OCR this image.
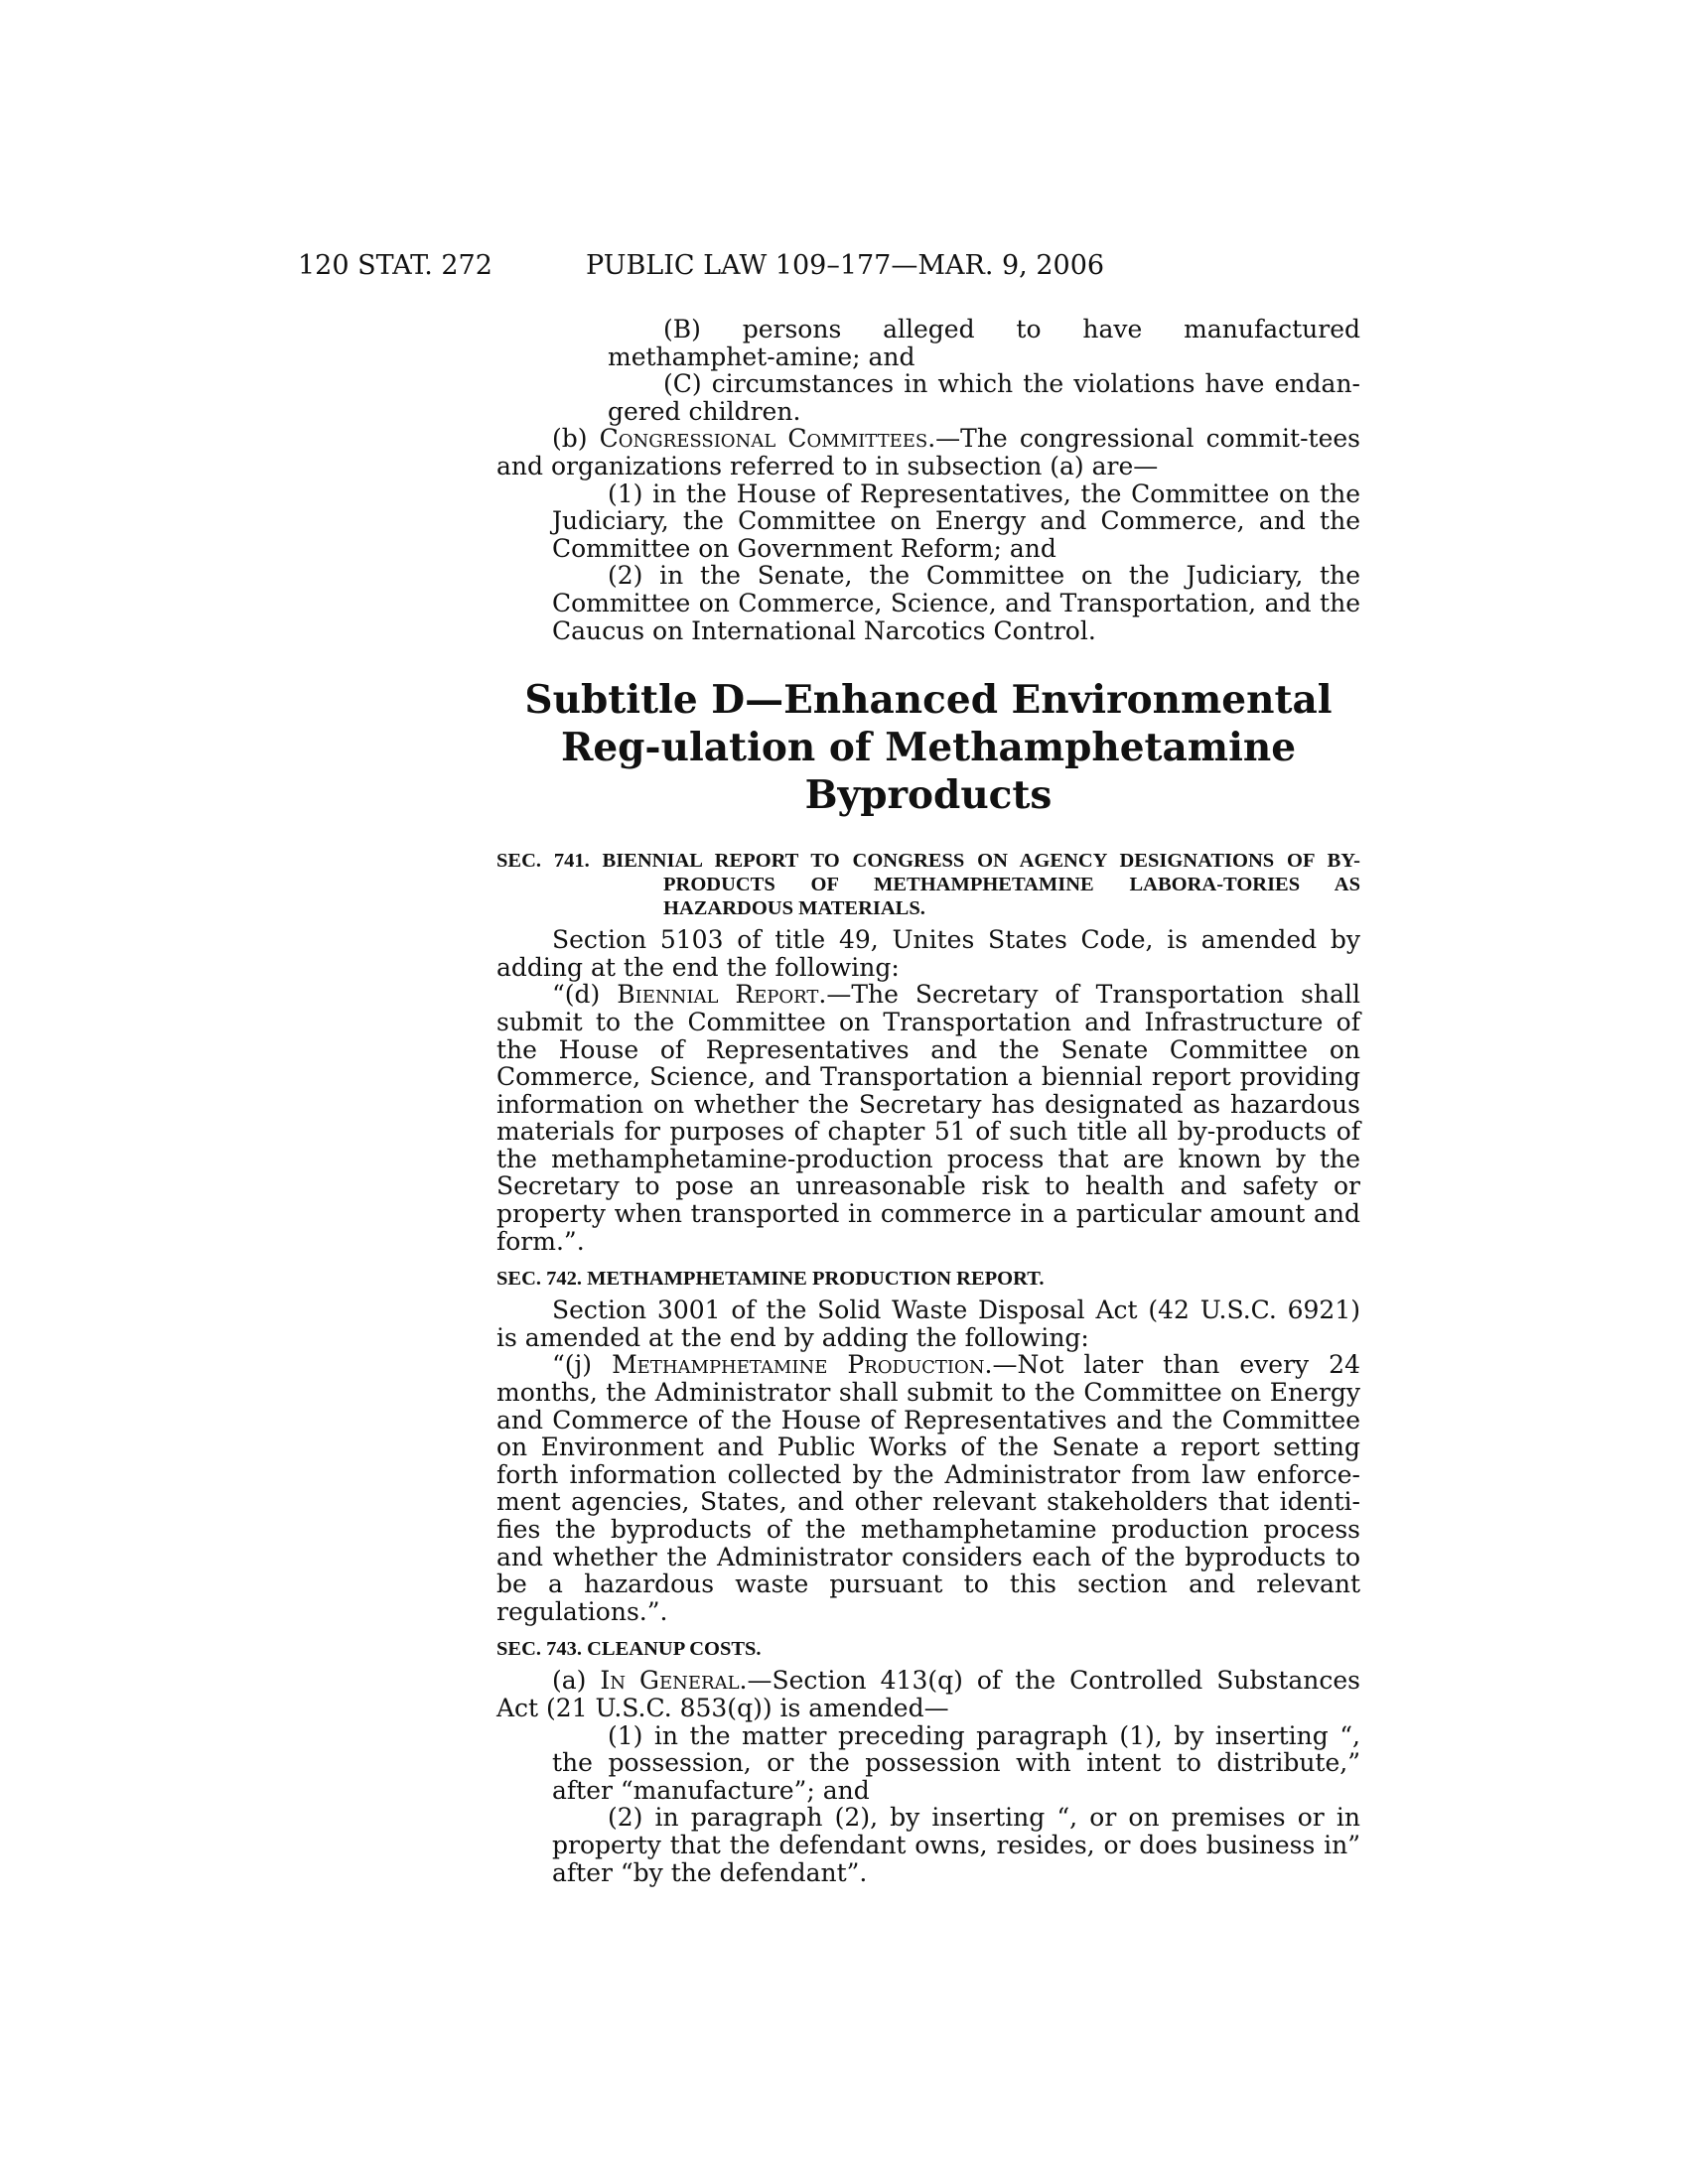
120 STAT. 272	PUBLIC LAW 109–177—MAR. 9, 2006

(B) persons alleged to have manufactured methamphet-amine; and

(C) circumstances in which the violations have endan-gered children.

(b) Congressional Committees.—The congressional commit-tees and organizations referred to in subsection (a) are—

(1) in the House of Representatives, the Committee on the Judiciary, the Committee on Energy and Commerce, and the Committee on Government Reform; and

(2) in the Senate, the Committee on the Judiciary, the Committee on Commerce, Science, and Transportation, and the Caucus on International Narcotics Control.

Subtitle D—Enhanced Environmental Reg-ulation of Methamphetamine Byproducts
SEC. 741. BIENNIAL REPORT TO CONGRESS ON AGENCY DESIGNATIONS OF BY-PRODUCTS OF METHAMPHETAMINE LABORA-TORIES AS HAZARDOUS MATERIALS.

Section 5103 of title 49, Unites States Code, is amended by adding at the end the following:

“(d) Biennial Report.—The Secretary of Transportation shall submit to the Committee on Transportation and Infrastructure of the House of Representatives and the Senate Committee on Commerce, Science, and Transportation a biennial report providing information on whether the Secretary has designated as hazardous materials for purposes of chapter 51 of such title all by-products of the methamphetamine-production process that are known by the Secretary to pose an unreasonable risk to health and safety or property when transported in commerce in a particular amount and form.”.

SEC. 742. METHAMPHETAMINE PRODUCTION REPORT.

Section 3001 of the Solid Waste Disposal Act (42 U.S.C. 6921) is amended at the end by adding the following:

“(j) Methamphetamine Production.—Not later than every 24 months, the Administrator shall submit to the Committee on Energy and Commerce of the House of Representatives and the Committee on Environment and Public Works of the Senate a report setting forth information collected by the Administrator from law enforce-ment agencies, States, and other relevant stakeholders that identi-fies the byproducts of the methamphetamine production process and whether the Administrator considers each of the byproducts to be a hazardous waste pursuant to this section and relevant regulations.”.

SEC. 743. CLEANUP COSTS.

(a) In General.—Section 413(q) of the Controlled Substances Act (21 U.S.C. 853(q)) is amended—

(1) in the matter preceding paragraph (1), by inserting “, the possession, or the possession with intent to distribute,” after “manufacture”; and

(2) in paragraph (2), by inserting “, or on premises or in property that the defendant owns, resides, or does business in” after “by the defendant”.
